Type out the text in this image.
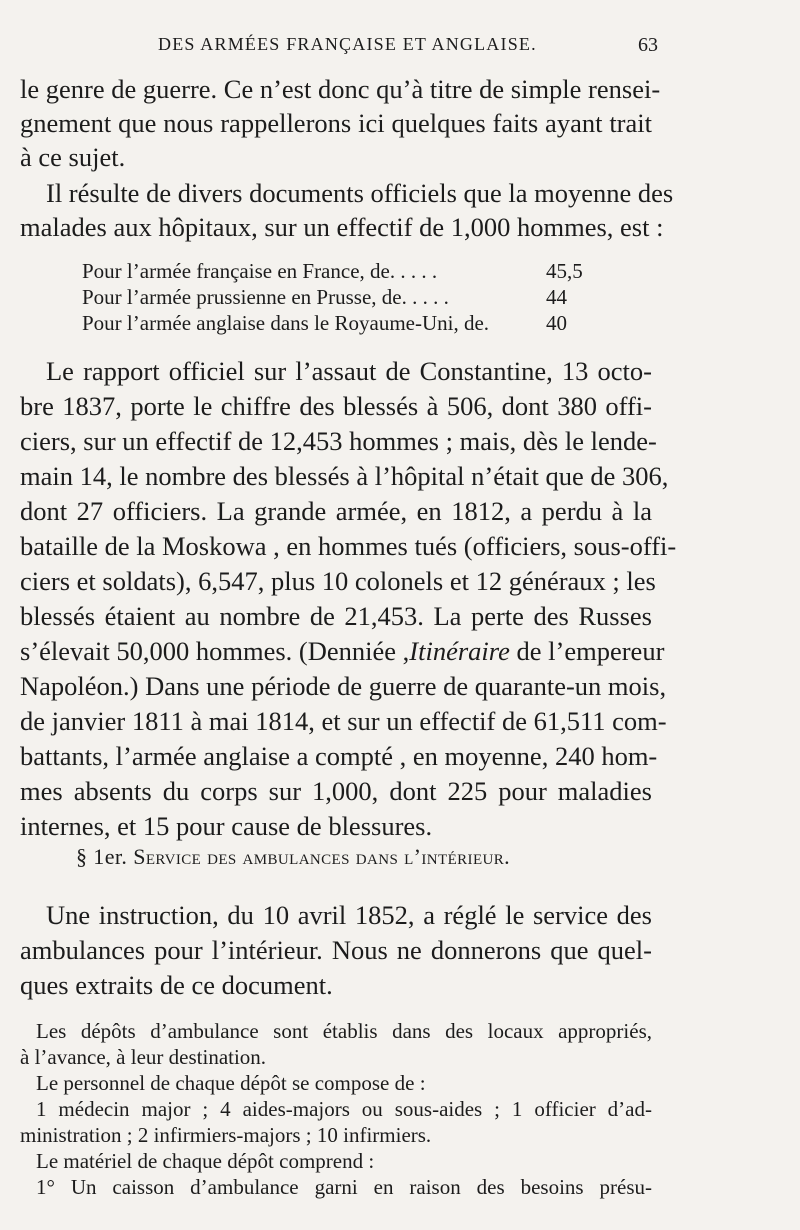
DES ARMÉES FRANÇAISE ET ANGLAISE.	63
le genre de guerre. Ce n’est donc qu’à titre de simple rensei-
gnement que nous rappellerons ici quelques faits ayant trait
à ce sujet.
Il résulte de divers documents officiels que la moyenne des
malades aux hôpitaux, sur un effectif de 1,000 hommes, est :
Pour l’armée française en France, de. . . . .	45,5
Pour l’armée prussienne en Prusse, de. . . . .	44
Pour l’armée anglaise dans le Royaume-Uni, de.	40
Le rapport officiel sur l’assaut de Constantine, 13 octo-
bre 1837, porte le chiffre des blessés à 506, dont 380 offi-
ciers, sur un effectif de 12,453 hommes ; mais, dès le lende-
main 14, le nombre des blessés à l’hôpital n’était que de 306,
dont 27 officiers. La grande armée, en 1812, a perdu à la
bataille de la Moskowa , en hommes tués (officiers, sous-offi-
ciers et soldats), 6,547, plus 10 colonels et 12 généraux ; les
blessés étaient au nombre de 21,453. La perte des Russes
s’élevait 50,000 hommes. (Denniée , Itinéraire de l’empereur
Napoléon.) Dans une période de guerre de quarante-un mois,
de janvier 1811 à mai 1814, et sur un effectif de 61,511 com-
battants, l’armée anglaise a compté , en moyenne, 240 hom-
mes absents du corps sur 1,000, dont 225 pour maladies
internes, et 15 pour cause de blessures.
§ 1er. Service des ambulances dans l’intérieur.
Une instruction, du 10 avril 1852, a réglé le service des
ambulances pour l’intérieur. Nous ne donnerons que quel-
ques extraits de ce document.
Les dépôts d’ambulance sont établis dans des locaux appropriés,
à l’avance, à leur destination.
Le personnel de chaque dépôt se compose de :
1 médecin major ; 4 aides-majors ou sous-aides ; 1 officier d’ad-
ministration ; 2 infirmiers-majors ; 10 infirmiers.
Le matériel de chaque dépôt comprend :
1° Un caisson d’ambulance garni en raison des besoins présu-
